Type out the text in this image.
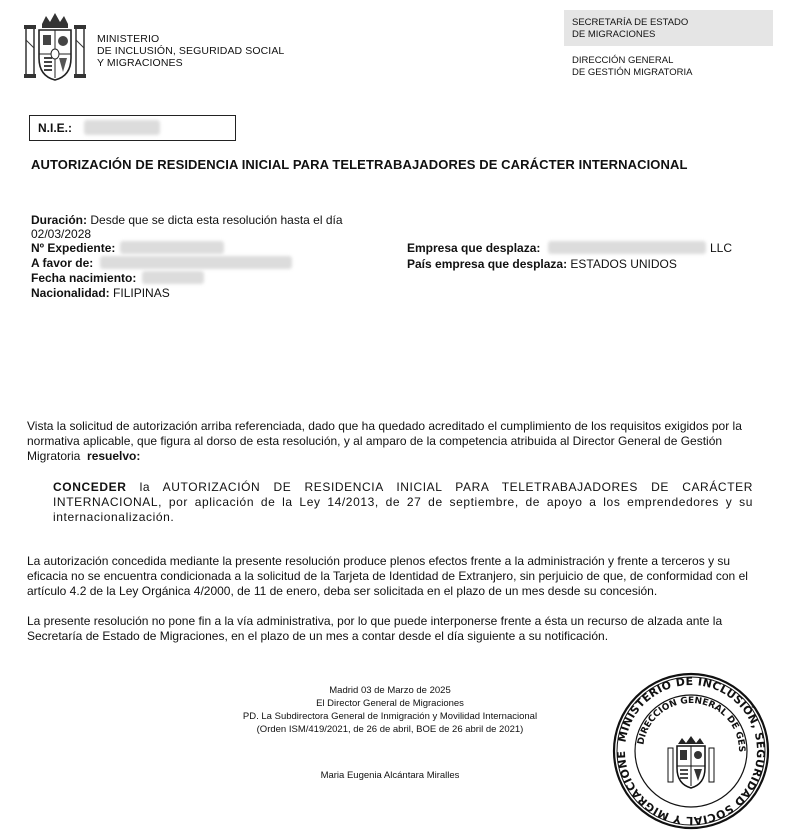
MINISTERIO
DE INCLUSIÓN, SEGURIDAD SOCIAL
Y MIGRACIONES
SECRETARÍA DE ESTADO
DE MIGRACIONES
DIRECCIÓN GENERAL
DE GESTIÓN MIGRATORIA
N.I.E.:
AUTORIZACIÓN DE RESIDENCIA INICIAL PARA TELETRABAJADORES DE CARÁCTER INTERNACIONAL
Duración: Desde que se dicta esta resolución hasta el día
02/03/2028
Nº Expediente:
A favor de:
Fecha nacimiento:
Nacionalidad: FILIPINAS
Empresa que desplaza:	LLC
País empresa que desplaza: ESTADOS UNIDOS
Vista la solicitud de autorización arriba referenciada, dado que ha quedado acreditado el cumplimiento de los requisitos exigidos por la normativa aplicable, que figura al dorso de esta resolución, y al amparo de la competencia atribuida al Director General de Gestión Migratoria resuelvo:
CONCEDER la AUTORIZACIÓN DE RESIDENCIA INICIAL PARA TELETRABAJADORES DE CARÁCTER INTERNACIONAL, por aplicación de la Ley 14/2013, de 27 de septiembre, de apoyo a los emprendedores y su internacionalización.
La autorización concedida mediante la presente resolución produce plenos efectos frente a la administración y frente a terceros y su eficacia no se encuentra condicionada a la solicitud de la Tarjeta de Identidad de Extranjero, sin perjuicio de que, de conformidad con el artículo 4.2 de la Ley Orgánica 4/2000, de 11 de enero, deba ser solicitada en el plazo de un mes desde su concesión.
La presente resolución no pone fin a la vía administrativa, por lo que puede interponerse frente a ésta un recurso de alzada ante la Secretaría de Estado de Migraciones, en el plazo de un mes a contar desde el día siguiente a su notificación.
Madrid 03 de Marzo de 2025
El Director General de Migraciones
PD. La Subdirectora General de Inmigración y Movilidad Internacional
(Orden ISM/419/2021, de 26 de abril, BOE de 26 abril de 2021)
Maria Eugenia Alcántara Miralles
MINISTERIO DE INCLUSIÓN, SEGURIDAD SOCIAL Y MIGRACIONE
DIRECCIÓN GENERAL DE GES
